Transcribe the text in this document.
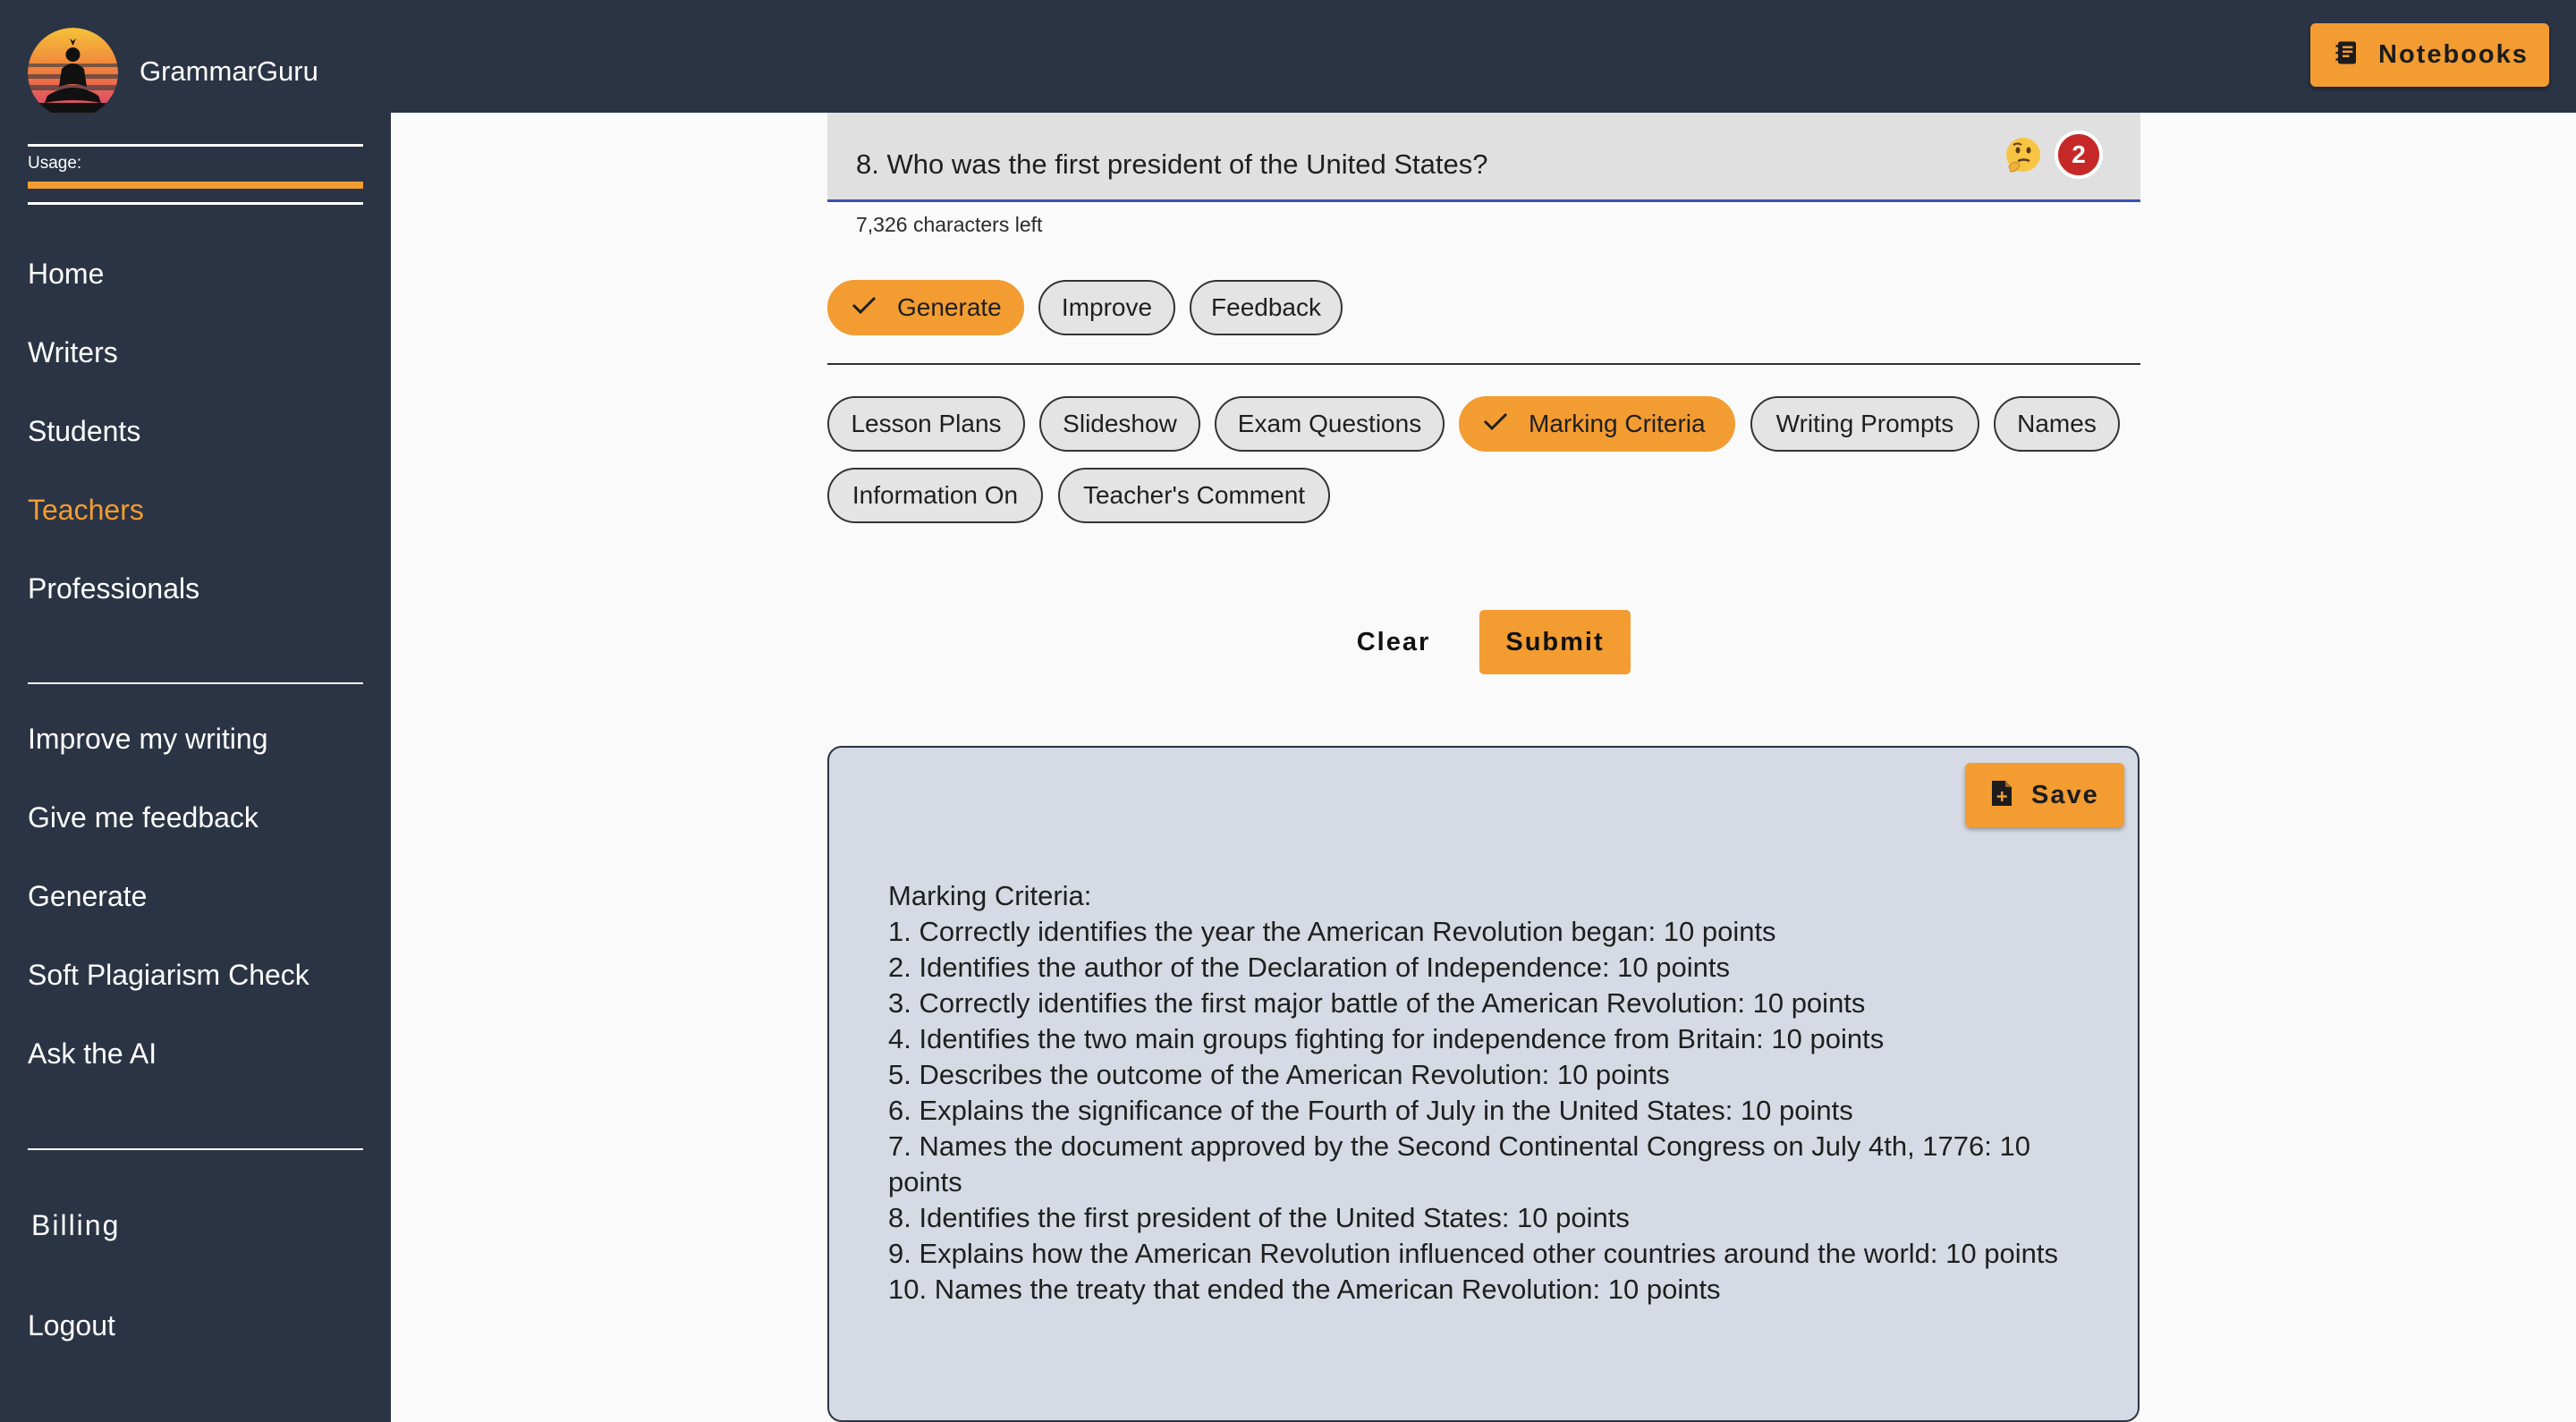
GrammarGuru
Notebooks
Usage:
Home
Writers
Students
Teachers
Professionals
Improve my writing
Give me feedback
Generate
Soft Plagiarism Check
Ask the AI
Billing
Logout
8. Who was the first president of the United States?	2
7,326 characters left
Generate	Improve	Feedback
Lesson Plans	Slideshow	Exam Questions	Marking Criteria	Writing Prompts	Names
Information On	Teacher's Comment
Clear	Submit
Save
Marking Criteria:
1. Correctly identifies the year the American Revolution began: 10 points
2. Identifies the author of the Declaration of Independence: 10 points
3. Correctly identifies the first major battle of the American Revolution: 10 points
4. Identifies the two main groups fighting for independence from Britain: 10 points
5. Describes the outcome of the American Revolution: 10 points
6. Explains the significance of the Fourth of July in the United States: 10 points
7. Names the document approved by the Second Continental Congress on July 4th, 1776: 10 points
8. Identifies the first president of the United States: 10 points
9. Explains how the American Revolution influenced other countries around the world: 10 points
10. Names the treaty that ended the American Revolution: 10 points
